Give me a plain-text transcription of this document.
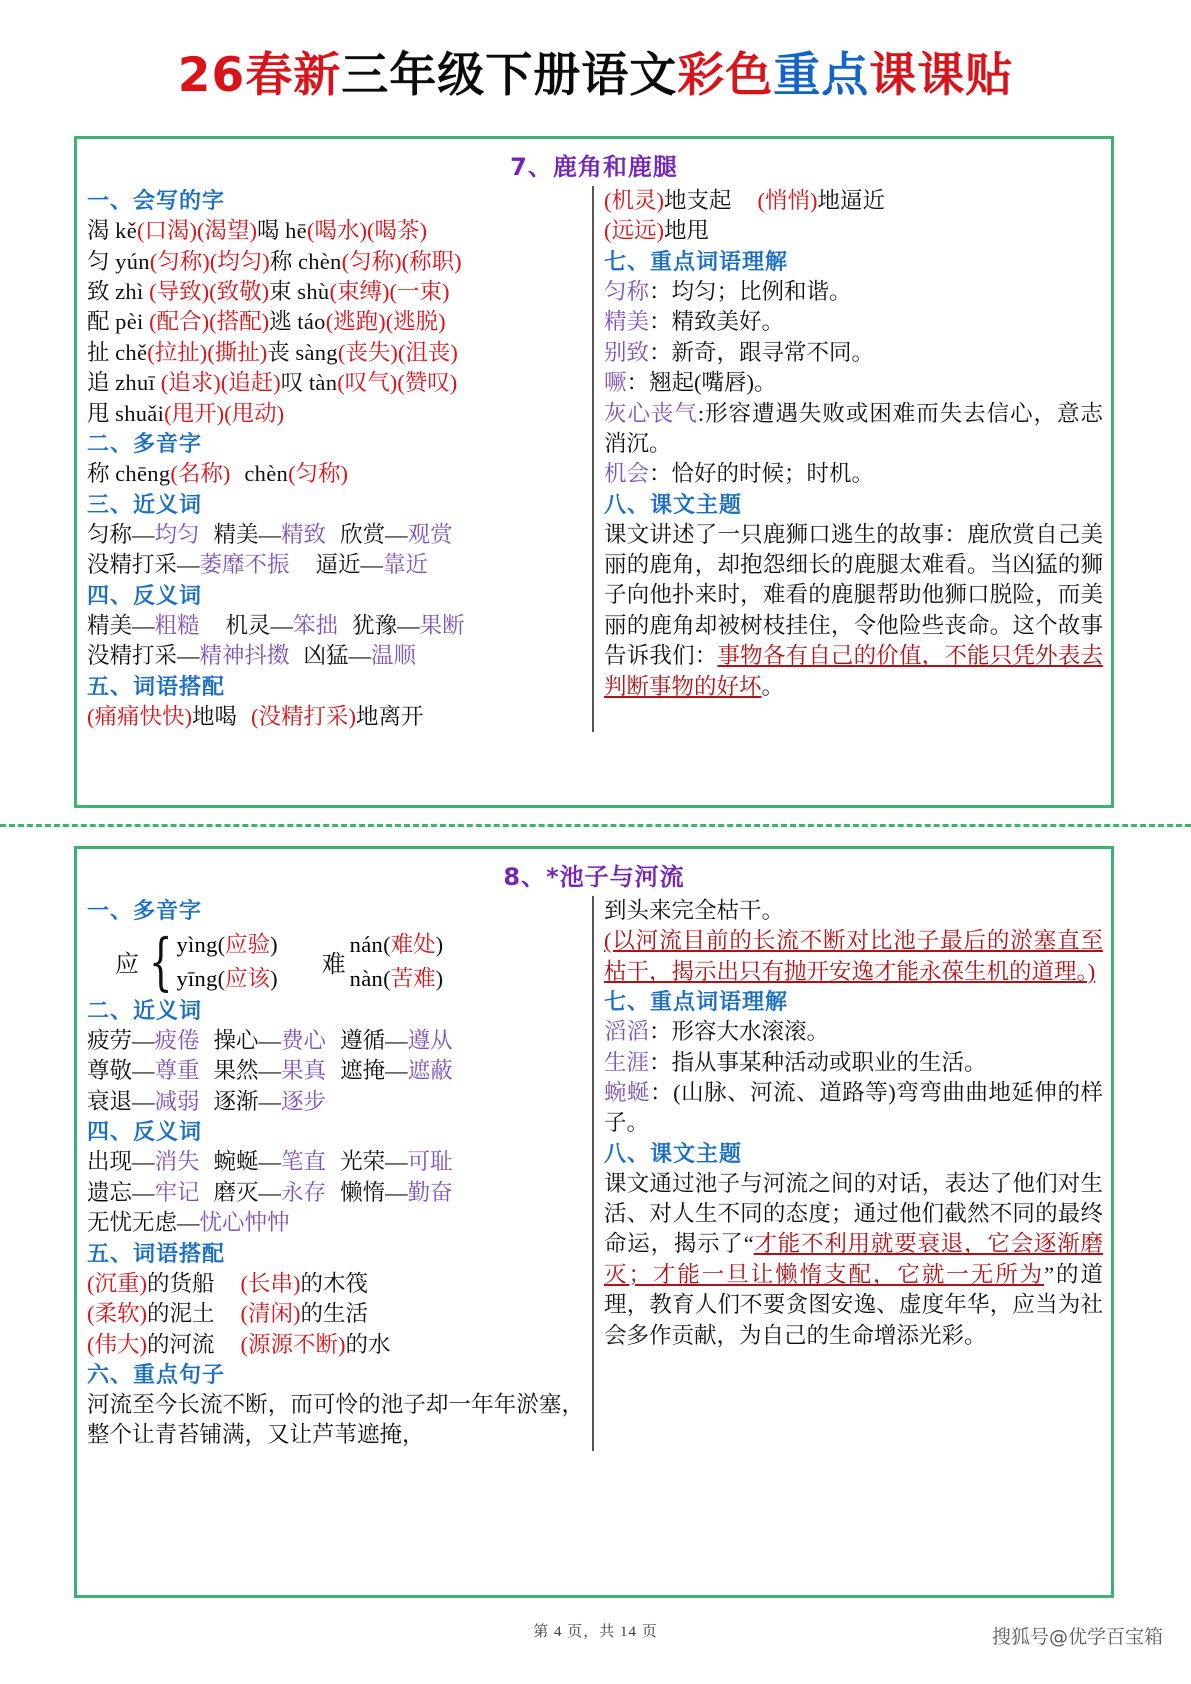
26春新三年级下册语文彩色重点课课贴
7、鹿角和鹿腿
一、会写的字
渴 kě(口渴)(渴望)喝 hē(喝水)(喝茶)
匀 yún(匀称)(均匀)称 chèn(匀称)(称职)
致 zhì (导致)(致敬)束 shù(束缚)(一束)
配 pèi (配合)(搭配)逃 táo(逃跑)(逃脱)
扯 chě(拉扯)(撕扯)丧 sàng(丧失)(沮丧)
追 zhuī (追求)(追赶)叹 tàn(叹气)(赞叹)
甩 shuǎi(甩开)(甩动)
二、多音字
称 chēng(名称) chèn(匀称)
三、近义词
匀称—均匀 精美—精致 欣赏—观赏
没精打采—萎靡不振 逼近—靠近
四、反义词
精美—粗糙 机灵—笨拙 犹豫—果断
没精打采—精神抖擞 凶猛—温顺
五、词语搭配
(痛痛快快)地喝 (没精打采)地离开
(机灵)地支起 (悄悄)地逼近
(远远)地甩
七、重点词语理解
匀称：均匀；比例和谐。
精美：精致美好。
别致：新奇，跟寻常不同。
噘：翘起(嘴唇)。
灰心丧气:形容遭遇失败或困难而失去信心，意志消沉。
机会：恰好的时候；时机。
八、课文主题
课文讲述了一只鹿狮口逃生的故事：鹿欣赏自己美丽的鹿角，却抱怨细长的鹿腿太难看。当凶猛的狮子向他扑来时，难看的鹿腿帮助他狮口脱险，而美丽的鹿角却被树枝挂住，令他险些丧命。这个故事告诉我们：事物各有自己的价值，不能只凭外表去判断事物的好坏。
8、*池子与河流
一、多音字
应 { yìng(应验)
yīng(应该) 难
nán(难处)
nàn(苦难)
二、近义词
疲劳—疲倦 操心—费心 遵循—遵从
尊敬—尊重 果然—果真 遮掩—遮蔽
衰退—减弱 逐渐—逐步
四、反义词
出现—消失 蜿蜒—笔直 光荣—可耻
遗忘—牢记 磨灭—永存 懒惰—勤奋
无忧无虑—忧心忡忡
五、词语搭配
(沉重)的货船 (长串)的木筏
(柔软)的泥土 (清闲)的生活
(伟大)的河流 (源源不断)的水
六、重点句子
河流至今长流不断，而可怜的池子却一年年淤塞，整个让青苔铺满，又让芦苇遮掩，
到头来完全枯干。
(以河流目前的长流不断对比池子最后的淤塞直至枯干，揭示出只有抛开安逸才能永葆生机的道理。)
七、重点词语理解
滔滔：形容大水滚滚。
生涯：指从事某种活动或职业的生活。
蜿蜒：(山脉、河流、道路等)弯弯曲曲地延伸的样子。
八、课文主题
课文通过池子与河流之间的对话，表达了他们对生活、对人生不同的态度；通过他们截然不同的最终命运，揭示了“才能不利用就要衰退，它会逐渐磨灭；才能一旦让懒惰支配，它就一无所为”的道理，教育人们不要贪图安逸、虚度年华，应当为社会多作贡献，为自己的生命增添光彩。
第 4 页，共 14 页	搜狐号@优学百宝箱
